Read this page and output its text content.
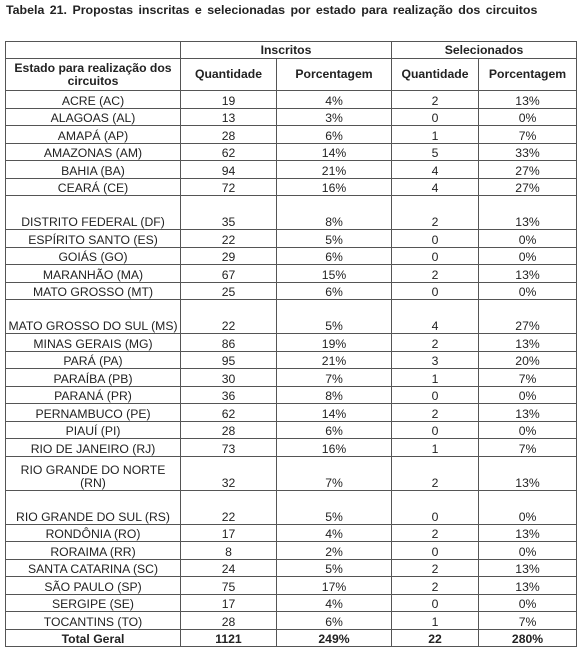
Tabela 21. Propostas inscritas e selecionadas por estado para realização dos circuitos
	Inscritos		Selecionados	
Estado para realização dos circuitos	Quantidade	Porcentagem	Quantidade	Porcentagem
ACRE (AC)	19	4%	2	13%
ALAGOAS (AL)	13	3%	0	0%
AMAPÁ (AP)	28	6%	1	7%
AMAZONAS (AM)	62	14%	5	33%
BAHIA (BA)	94	21%	4	27%
CEARÁ (CE)	72	16%	4	27%
DISTRITO FEDERAL (DF)	35	8%	2	13%
ESPÍRITO SANTO (ES)	22	5%	0	0%
GOIÁS (GO)	29	6%	0	0%
MARANHÃO (MA)	67	15%	2	13%
MATO GROSSO (MT)	25	6%	0	0%
MATO GROSSO DO SUL (MS)	22	5%	4	27%
MINAS GERAIS (MG)	86	19%	2	13%
PARÁ (PA)	95	21%	3	20%
PARAÍBA (PB)	30	7%	1	7%
PARANÁ (PR)	36	8%	0	0%
PERNAMBUCO (PE)	62	14%	2	13%
PIAUÍ (PI)	28	6%	0	0%
RIO DE JANEIRO (RJ)	73	16%	1	7%
RIO GRANDE DO NORTE (RN)	32	7%	2	13%
RIO GRANDE DO SUL (RS)	22	5%	0	0%
RONDÔNIA (RO)	17	4%	2	13%
RORAIMA (RR)	8	2%	0	0%
SANTA CATARINA (SC)	24	5%	2	13%
SÃO PAULO (SP)	75	17%	2	13%
SERGIPE (SE)	17	4%	0	0%
TOCANTINS (TO)	28	6%	1	7%
Total Geral	1121	249%	22	280%
